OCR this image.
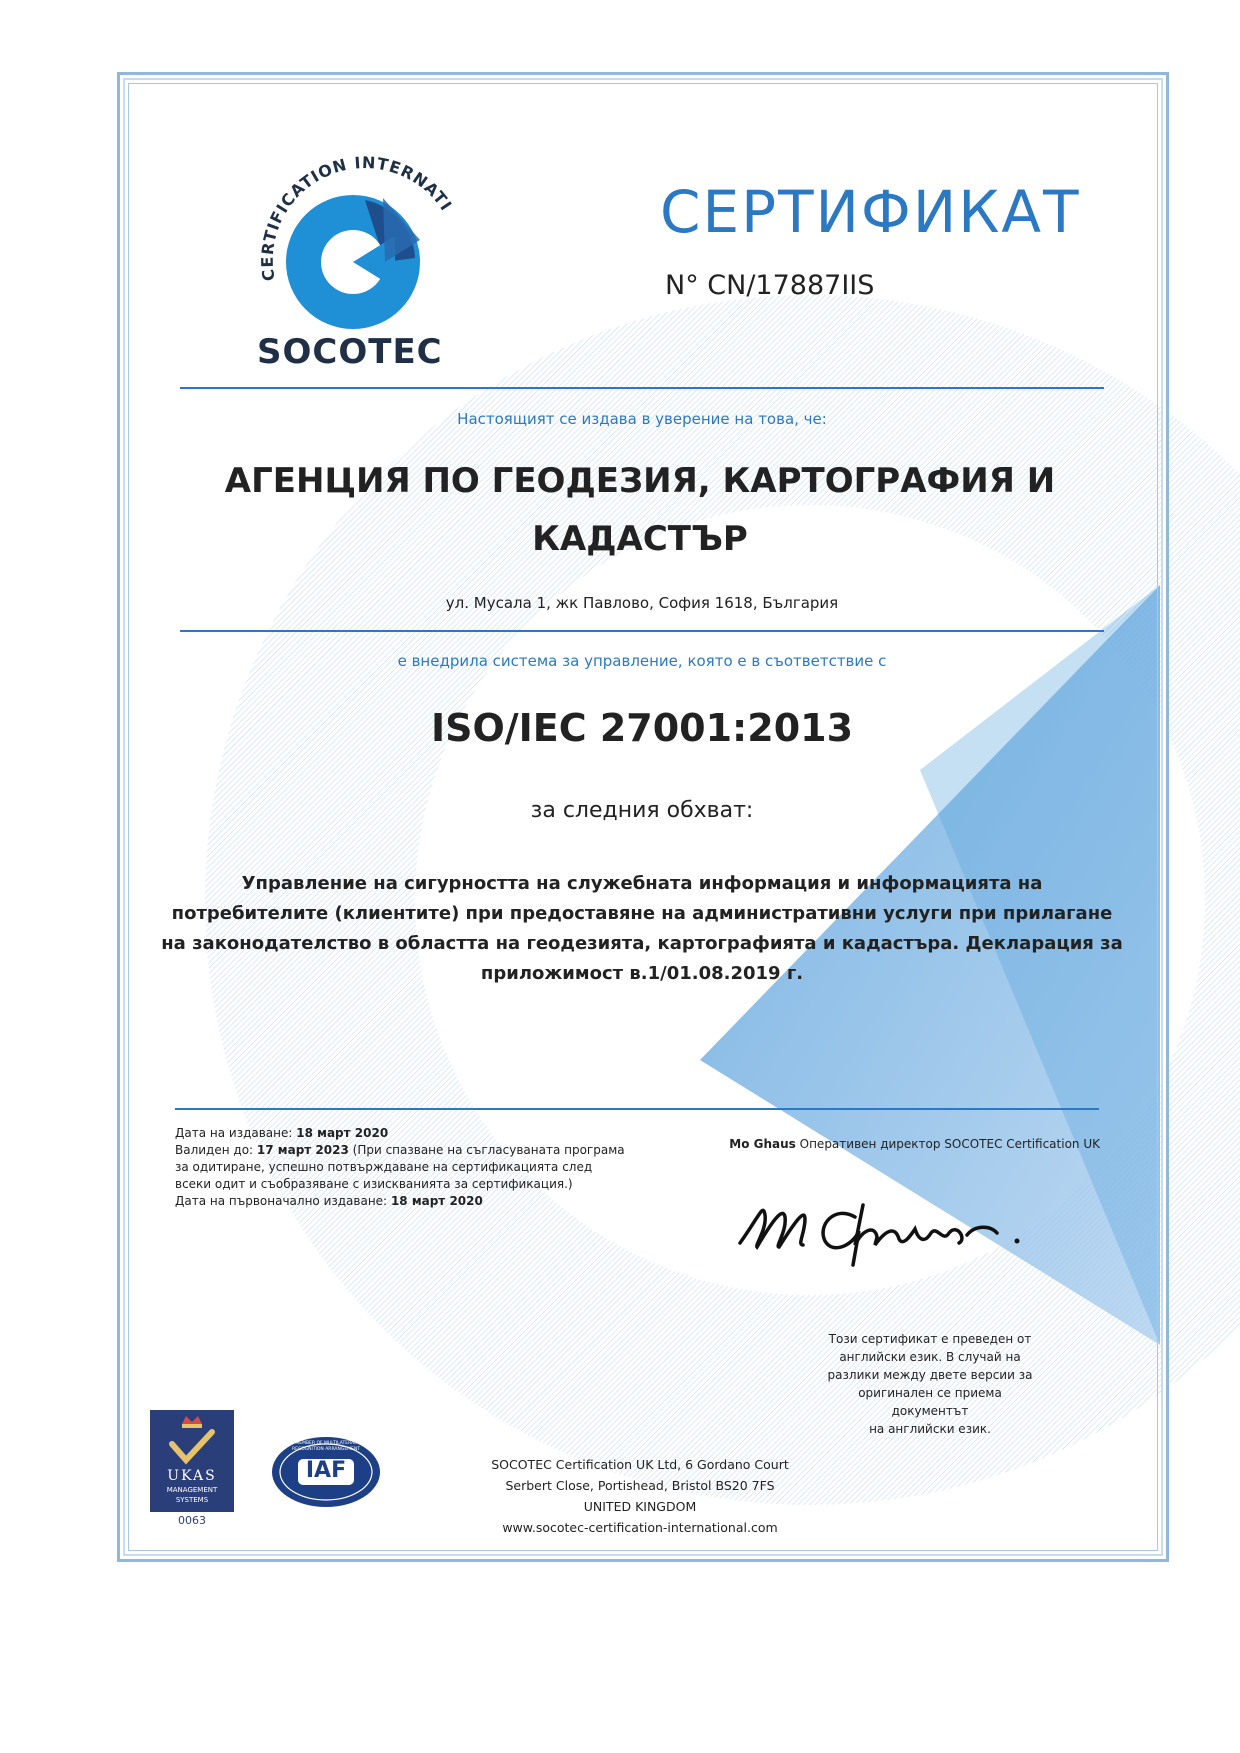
CERTIFICATION INTERNATI
SOCOTEC
СЕРТИФИКАТ
N° CN/17887IIS
Настоящият се издава в уверение на това, че:
АГЕНЦИЯ ПО ГЕОДЕЗИЯ, КАРТОГРАФИЯ И
КАДАСТЪР
ул. Мусала 1, жк Павлово, София 1618, България
е внедрила система за управление, която е в съответствие с
ISO/IEC 27001:2013
за следния обхват:
Управление на сигурността на служебната информация и информацията на
потребителите (клиентите) при предоставяне на административни услуги при прилагане
на законодателство в областта на геодезията, картографията и кадастъра. Декларация за
приложимост в.1/01.08.2019 г.
Дата на издаване: 18 март 2020
Валиден до: 17 март 2023 (При спазване на съгласуваната програма
за одитиране, успешно потвърждаване на сертификацията след
всеки одит и съобразяване с изискванията за сертификация.)
Дата на първоначално издаване: 18 март 2020
Mo Ghaus Оперативен директор SOCOTEC Certification UK
Този сертификат е преведен от
английски език. В случай на
разлики между двете версии за
оригинален се приема документът
на английски език.
UKAS
MANAGEMENT
SYSTEMS
0063
IAF
MEMBER OF MULTILATERAL RECOGNITION ARRANGEMENT
SOCOTEC Certification UK Ltd, 6 Gordano Court
Serbert Close, Portishead, Bristol BS20 7FS
UNITED KINGDOM
www.socotec-certification-international.com
